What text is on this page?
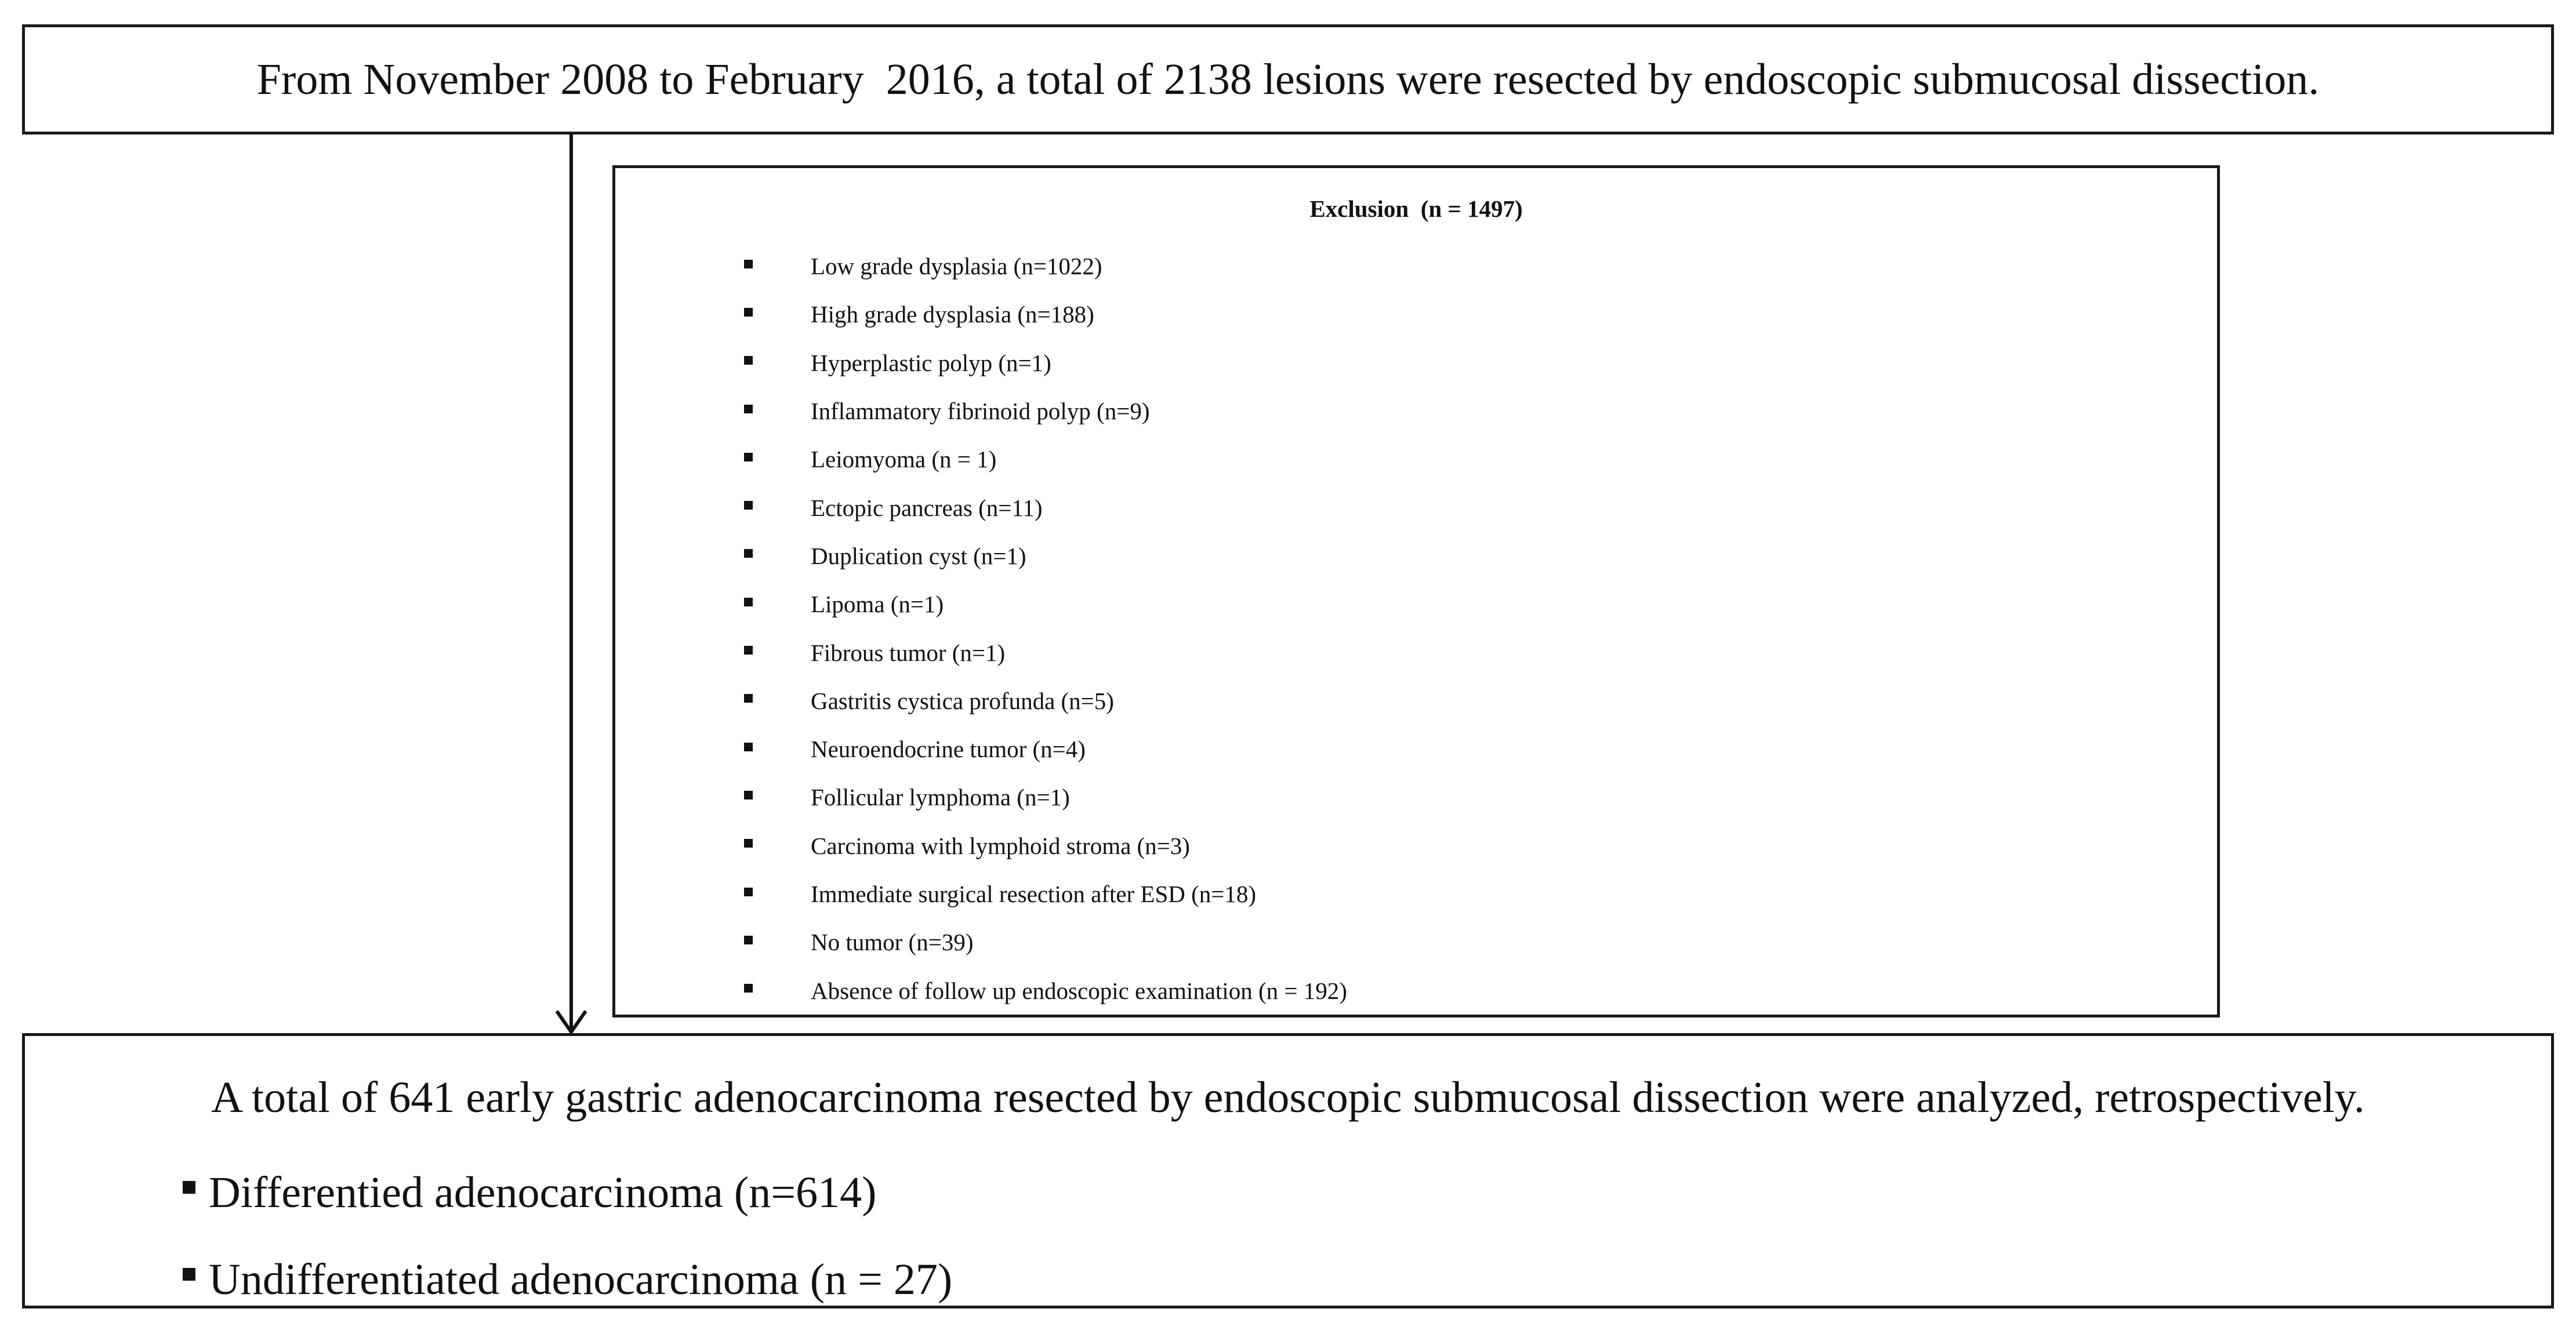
From November 2008 to February  2016, a total of 2138 lesions were resected by endoscopic submucosal dissection.
Exclusion  (n = 1497)
Low grade dysplasia (n=1022)
High grade dysplasia (n=188)
Hyperplastic polyp (n=1)
Inflammatory fibrinoid polyp (n=9)
Leiomyoma (n = 1)
Ectopic pancreas (n=11)
Duplication cyst (n=1)
Lipoma (n=1)
Fibrous tumor (n=1)
Gastritis cystica profunda (n=5)
Neuroendocrine tumor (n=4)
Follicular lymphoma (n=1)
Carcinoma with lymphoid stroma (n=3)
Immediate surgical resection after ESD (n=18)
No tumor (n=39)
Absence of follow up endoscopic examination (n = 192)
A total of 641 early gastric adenocarcinoma resected by endoscopic submucosal dissection were analyzed, retrospectively.
Differentied adenocarcinoma (n=614)
Undifferentiated adenocarcinoma (n = 27)
